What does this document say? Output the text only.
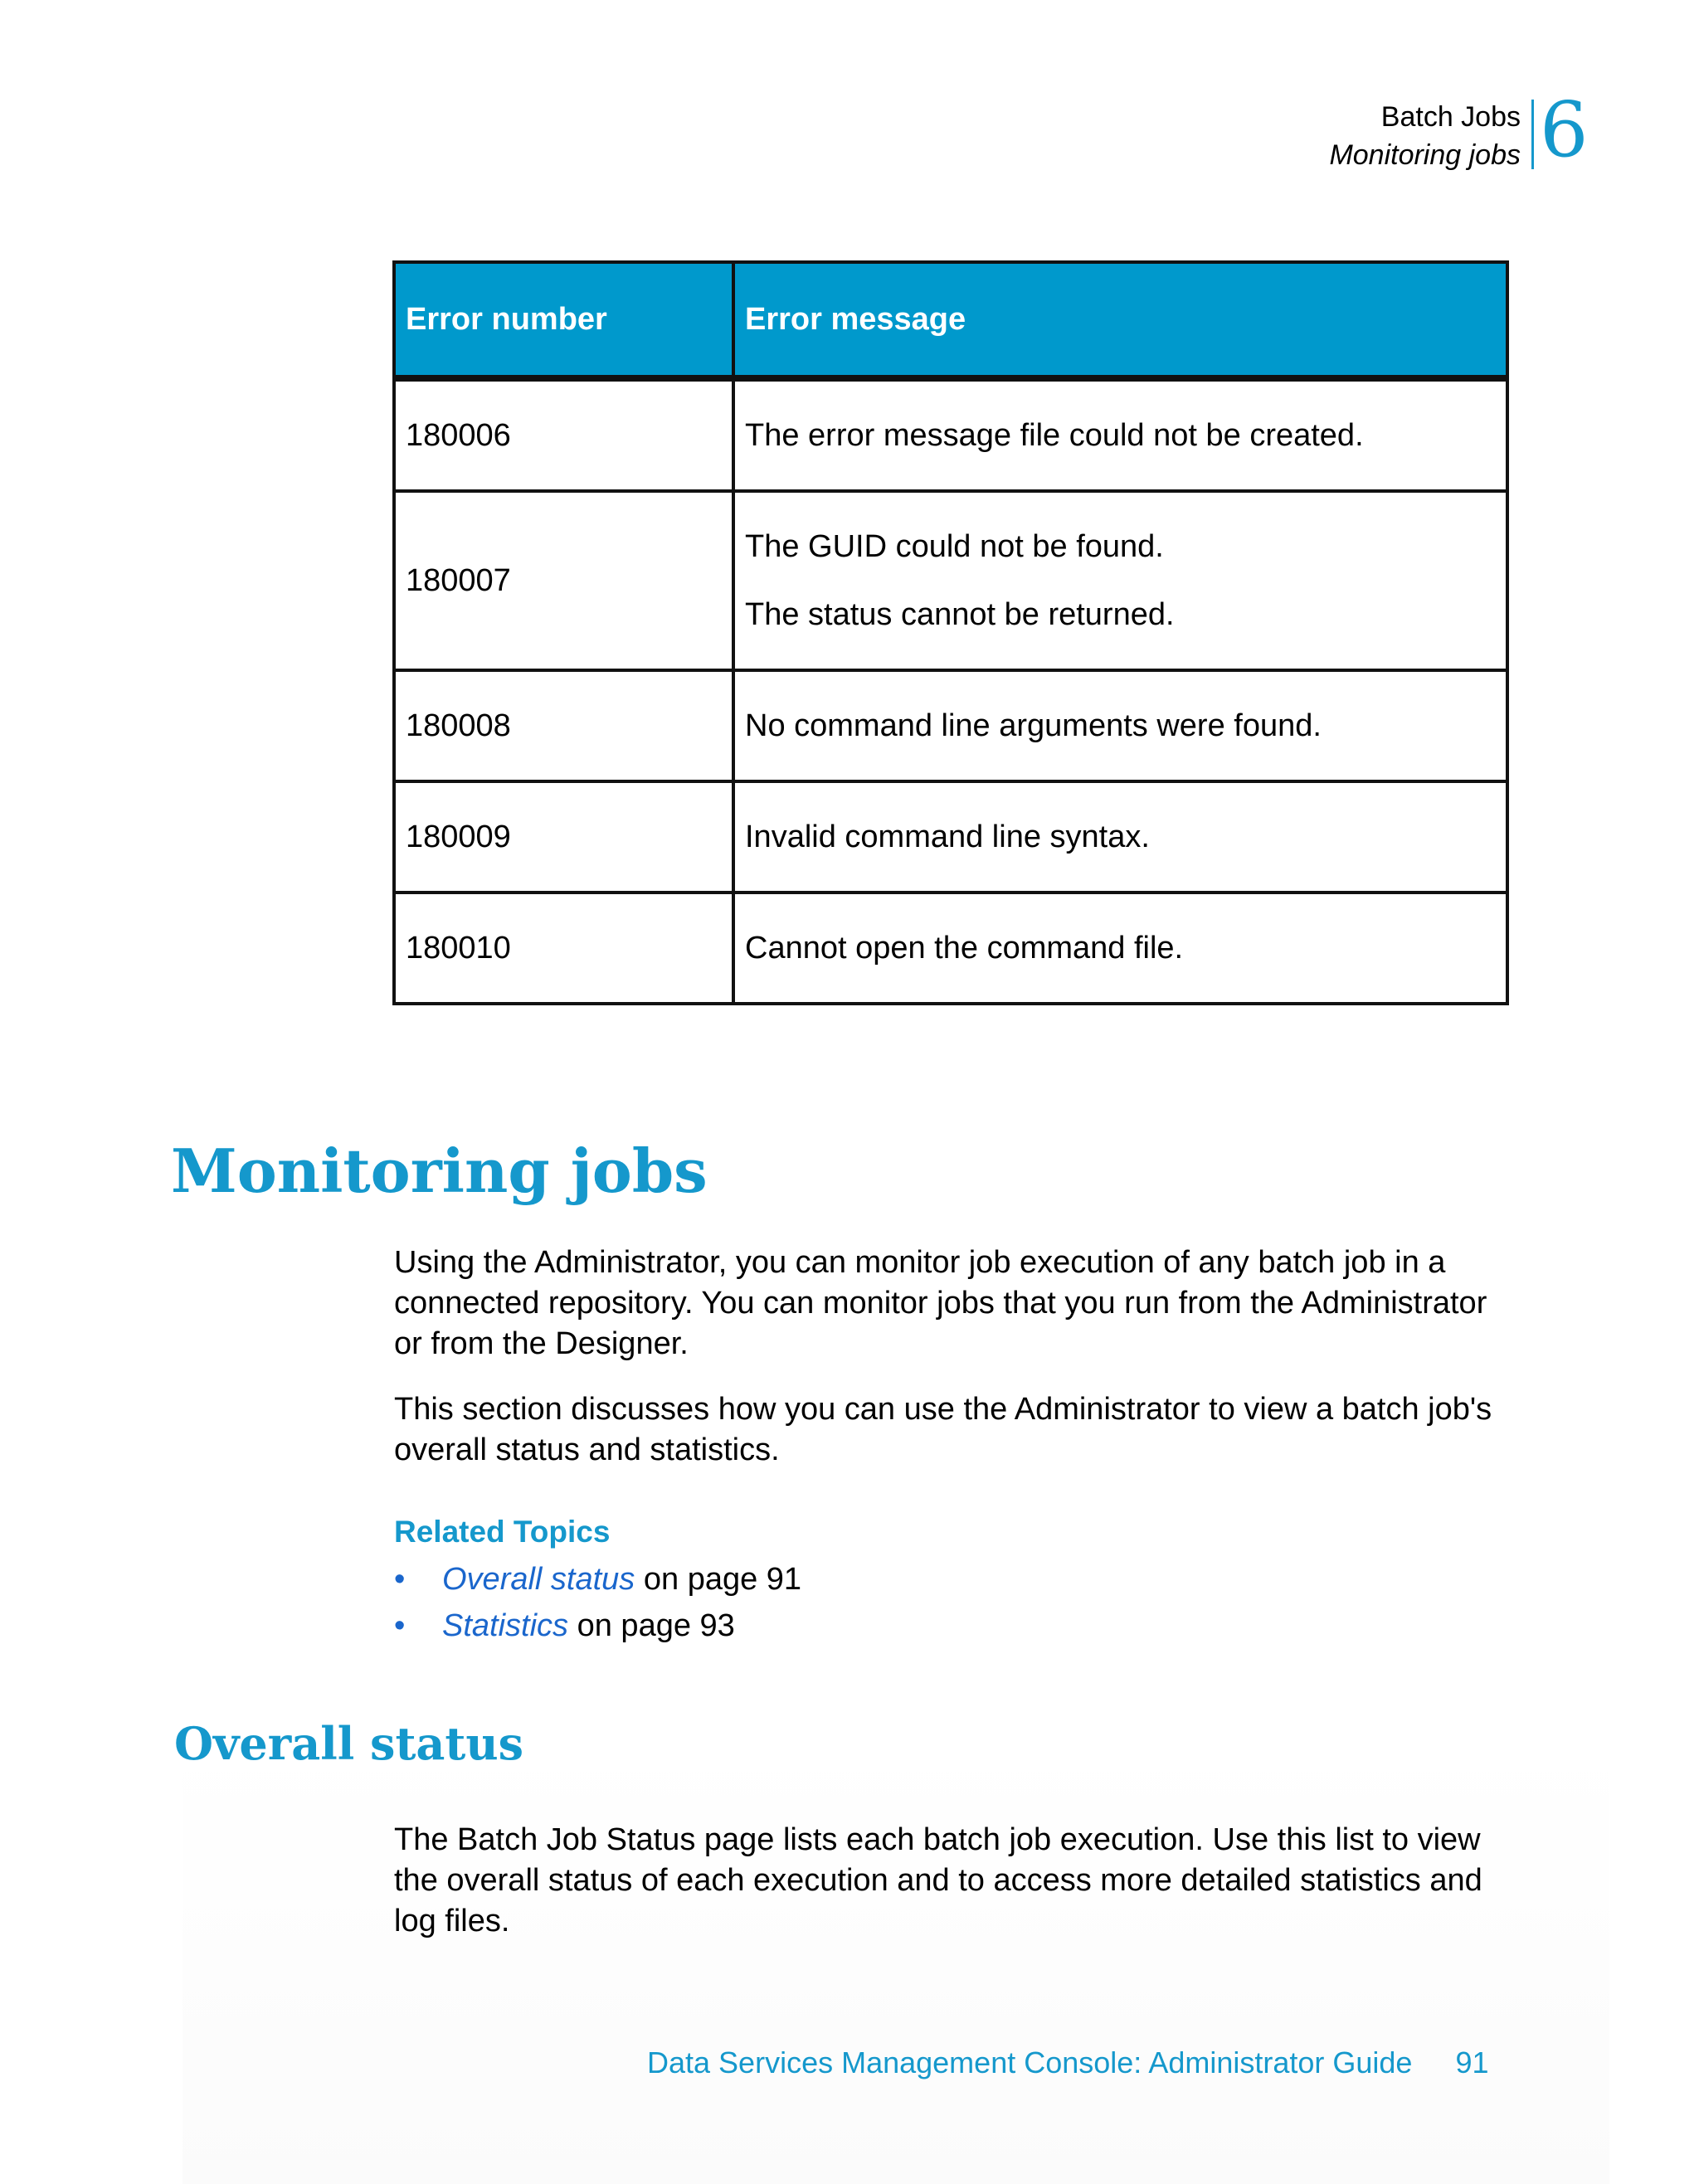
Batch Jobs
Monitoring jobs 6
Error number	Error message
180006	The error message file could not be created.

180007	The GUID could not be found.

The status cannot be returned.

180008	No command line arguments were found.

180009	Invalid command line syntax.

180010	Cannot open the command file.

Monitoring jobs

Using the Administrator, you can monitor job execution of any batch job in a connected repository. You can monitor jobs that you run from the Administrator or from the Designer.

This section discusses how you can use the Administrator to view a batch job's overall status and statistics.

Related Topics
• Overall status on page 91
• Statistics on page 93
Overall status

The Batch Job Status page lists each batch job execution. Use this list to view the overall status of each execution and to access more detailed statistics and log files.

Data Services Management Console: Administrator Guide 91
